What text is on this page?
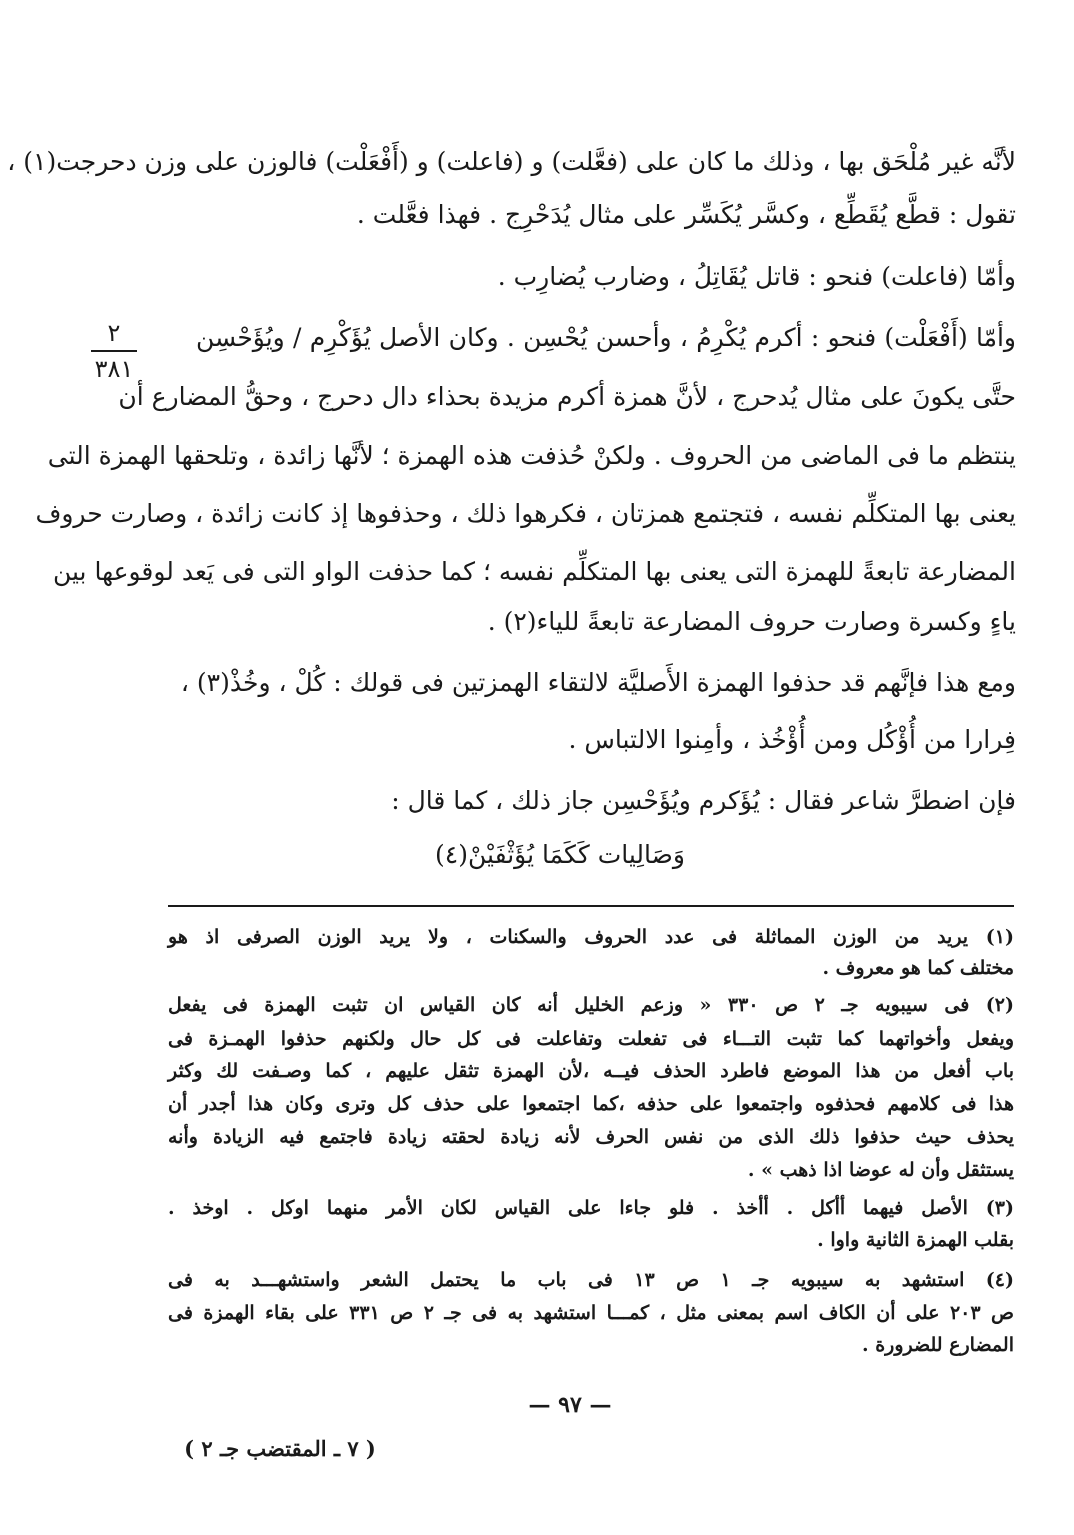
لأنَّه غير مُلْحَق بها ، وذلك ما كان على (فعَّلت) و (فاعلت) و (أَفْعَلْت) فالوزن على وزن دحرجت(١) ،
تقول : قطَّع يُقَطِّع ، وكسَّر يُكَسِّر على مثال يُدَحْرِج . فهذا فعَّلت .
وأمّا (فاعلت) فنحو : قاتل يُقَاتِلُ ، وضارب يُضارِب .
وأمّا (أَفْعَلْت) فنحو : أكرم يُكْرِمُ ، وأحسن يُحْسِن . وكان الأصل يُؤَكْرِم / ويُؤَحْسِن
حتَّى يكونَ على مثال يُدحرج ، لأنَّ همزة أكرم مزيدة بحذاء دال دحرج ، وحقُّ المضارع أن
ينتظم ما فى الماضى من الحروف . ولكنْ حُذفت هذه الهمزة ؛ لأنَّها زائدة ، وتلحقها الهمزة التى
يعنى بها المتكلِّم نفسه ، فتجتمع همزتان ، فكرهوا ذلك ، وحذفوها إذ كانت زائدة ، وصارت حروف
المضارعة تابعةً للهمزة التى يعنى بها المتكلِّم نفسه ؛ كما حذفت الواو التى فى يَعد لوقوعها بين
ياءٍ وكسرة وصارت حروف المضارعة تابعةً للياء(٢) .
ومع هذا فإنَّهم قد حذفوا الهمزة الأَصليَّة لالتقاء الهمزتين فى قولك : كُلْ ، وخُذْ(٣) ،
فِرارا من أُؤْكُل ومن أُؤْخُذ ، وأمِنوا الالتباس .
فإن اضطرَّ شاعر فقال : يُؤَكرم ويُؤَحْسِن جاز ذلك ، كما قال :
وَصَالِيات كَكَمَا يُؤَثْفَيْنْ(٤)
٢
٣٨١
(١) يريد من الوزن المماثلة فى عدد الحروف والسكنات ، ولا يريد الوزن الصرفى اذ هو
مختلف كما هو معروف .
(٢) فى سيبويه جـ ٢ ص ٣٣٠ « وزعم الخليل أنه كان القياس ان تثبت الهمزة فى يفعل
ويفعل وأخواتهما كما تثبت التـــاء فى تفعلت وتفاعلت فى كل حال ولكنهم حذفوا الهمـزة فى
باب أفعل من هذا الموضع فاطرد الحذف فيــه ،لأن الهمزة تثقل عليهم ، كما وصـفت لك وكثر
هذا فى كلامهم فحذفوه واجتمعوا على حذفه ،كما اجتمعوا على حذف كل وترى وكان هذا أجدر أن
يحذف حيث حذفوا ذلك الذى من نفس الحرف لأنه زيادة لحقته زيادة فاجتمع فيه الزيادة وأنه
يستثقل وأن له عوضا اذا ذهب » .
(٣) الأصل فيهما أأكل . أأخذ . فلو جاءا على القياس لكان الأمر منهما اوكل . اوخذ .
بقلب الهمزة الثانية واوا .
(٤) استشهد به سيبويه جـ ١ ص ١٣ فى باب ما يحتمل الشعر واستشهـــد به فى
ص ٢٠٣ على أن الكاف اسم بمعنى مثل ، كمـــا استشهد به فى جـ ٢ ص ٣٣١ على بقاء الهمزة فى
المضارع للضرورة .
— ٩٧ —
( ٧ ـ المقتضب جـ ٢ )
